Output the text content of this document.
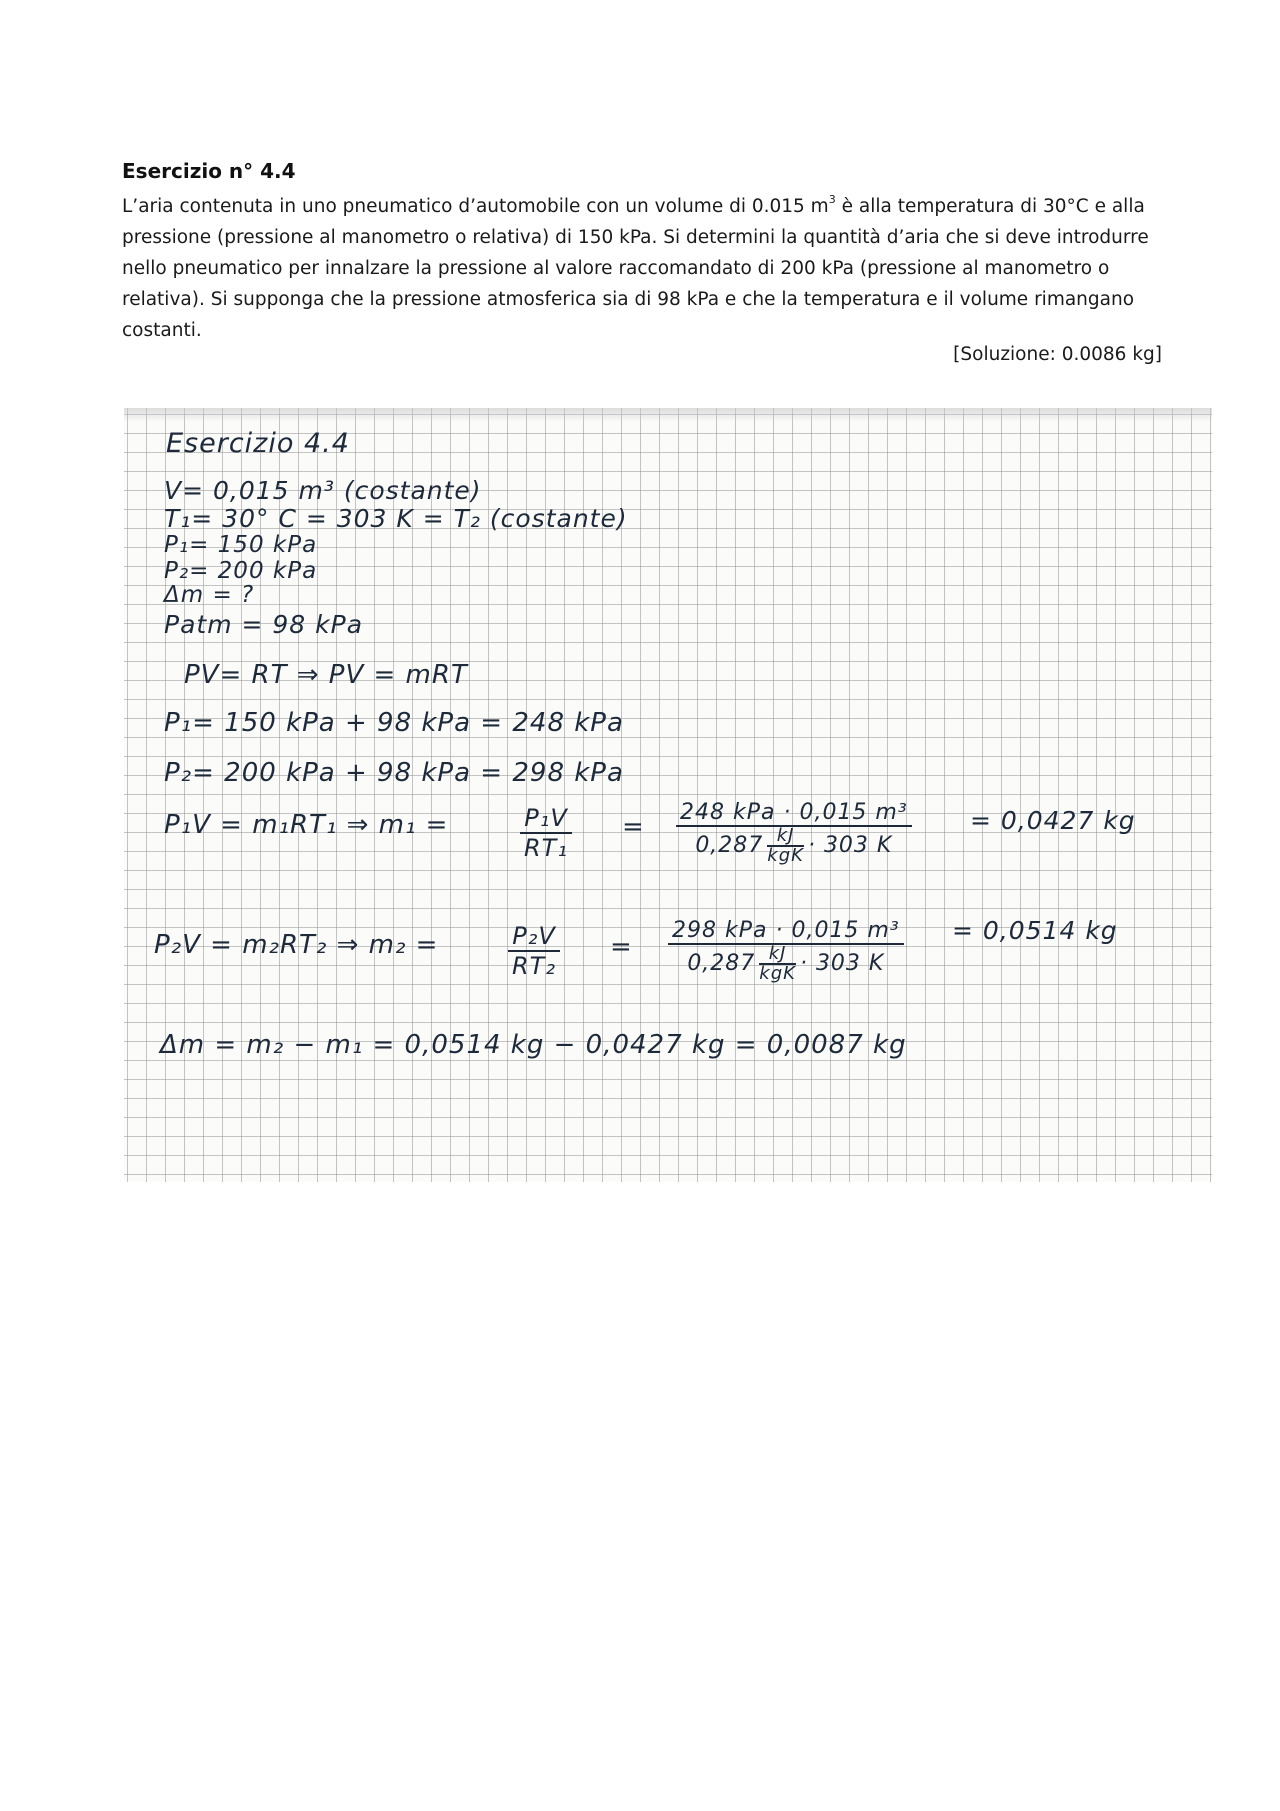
Esercizio n° 4.4

L’aria contenuta in uno pneumatico d’automobile con un volume di 0.015 $m^3$ è alla temperatura di 30°C e alla pressione (pressione al manometro o relativa) di 150 kPa. Si determini la quantità d’aria che si deve introdurre nello pneumatico per innalzare la pressione al valore raccomandato di 200 kPa (pressione al manometro o relativa). Si supponga che la pressione atmosferica sia di 98 kPa e che la temperatura e il volume rimangano costanti.

[Soluzione: 0.0086 kg]
Esercizio 4.4
V= 0,015 m³ (costante)
T₁= 30° C = 303 K = T₂ (costante)
P₁= 150 kPa
P₂= 200 kPa
Δm = ?
Patm = 98 kPa
PV= RT ⇒ PV = mRT
P₁= 150 kPa + 98 kPa = 248 kPa
P₂= 200 kPa + 98 kPa = 298 kPa
P₁V = m₁RT₁ ⇒ m₁ =	$\frac{\text{P₁V}}{\text{RT₁}} = 248$ kPa · 0,015 m³
$0,287 \frac{kJ}{\text{kgK}} \cdot 303$ K
= 0,0427 kg
P₂V = m₂RT₂ ⇒ m₂ =	$\frac{\text{P₂V}}{\text{RT₂}}$ =
298 kPa · 0,015 m³
$0,287 \frac{kJ}{\text{kgK}} \cdot 303$ K
= 0,0514 kg
Δm = m₂ − m₁ = 0,0514 kg − 0,0427 kg = 0,0087 kg
